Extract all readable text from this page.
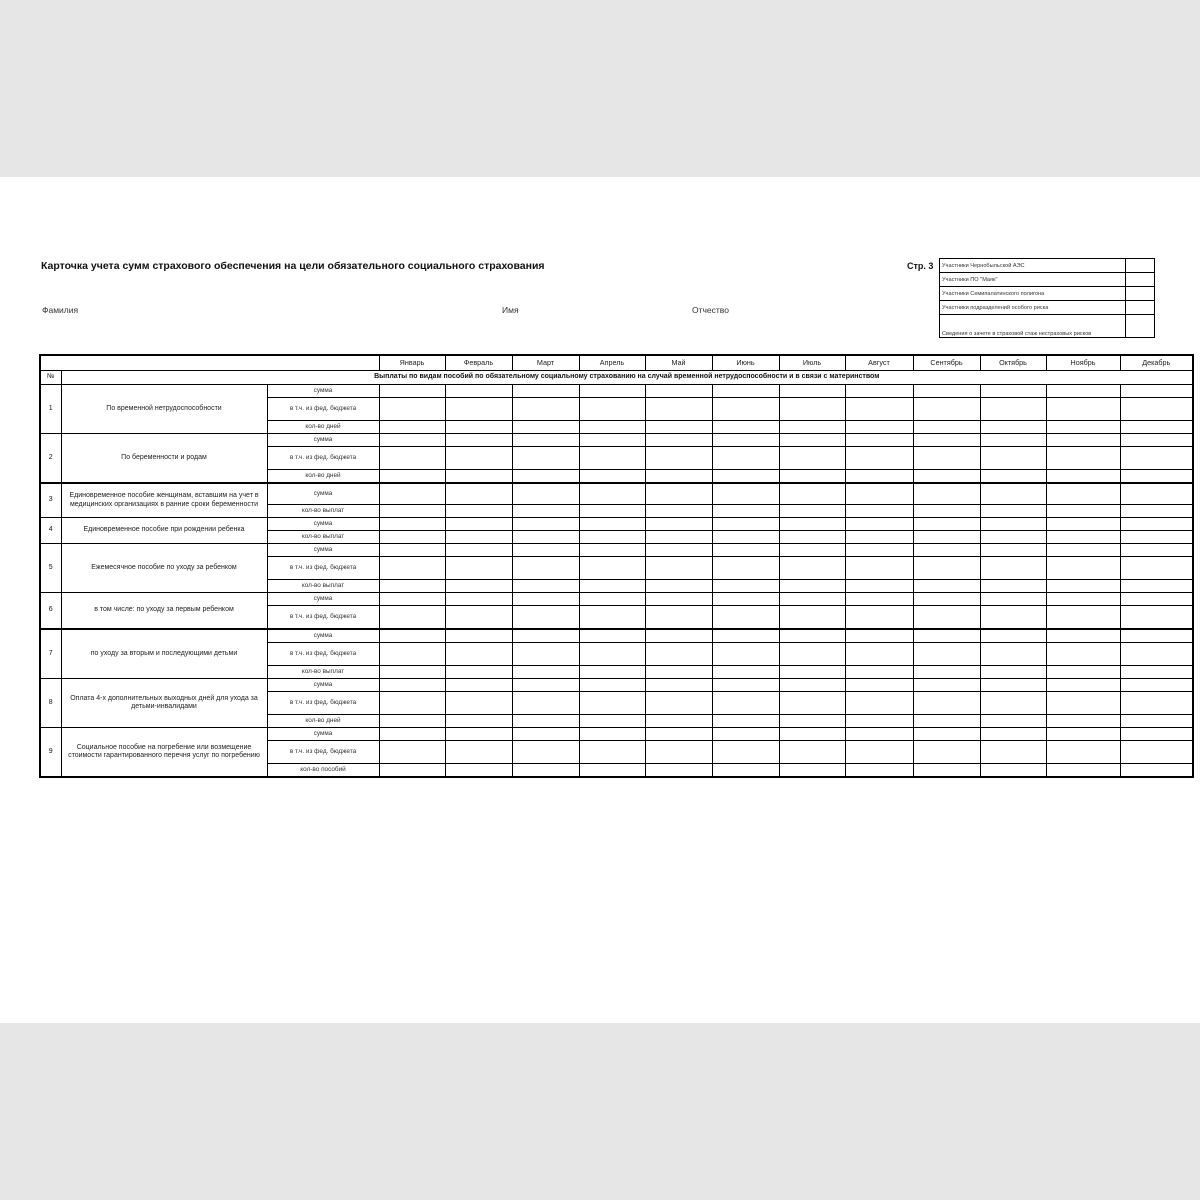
Карточка учета сумм страхового обеспечения на цели обязательного социального страхования	Стр. 3
Фамилия	Имя	Отчество
Участники Чернобыльской АЭС	
Участники ПО "Маяк"	
Участники Семипалатинского полигона	
Участники подразделений особого риска	
Сведения о зачете в страховой стаж нестраховых рисков	
			Январь	Февраль	Март	Апрель	Май	Июнь	Июль	Август	Сентябрь	Октябрь	Ноябрь	Декабрь
№	Выплаты по видам пособий по обязательному социальному страхованию на случай временной нетрудоспособности и в связи с материнством													
1	По временной нетрудоспособности	сумма												
		в т.ч. из фед. бюджета												
		кол-во дней												
2	По беременности и родам	сумма												
		в т.ч. из фед. бюджета												
		кол-во дней												
3	Единовременное пособие женщинам, вставшим на учет в медицинских организациях в ранние сроки беременности	сумма												
		кол-во выплат												
4	Единовременное пособие при рождении ребенка	сумма												
		кол-во выплат												
5	Ежемесячное пособие по уходу за ребенком	сумма												
		в т.ч. из фед. бюджета												
		кол-во выплат												
6	в том числе: по уходу за первым ребенком	сумма												
		в т.ч. из фед. бюджета												
7	по уходу за вторым и последующими детьми	сумма												
		в т.ч. из фед. бюджета												
		кол-во выплат												
8	Оплата 4-х дополнительных выходных дней для ухода за детьми-инвалидами	сумма												
		в т.ч. из фед. бюджета												
		кол-во дней												
9	Социальное пособие на погребение или возмещение стоимости гарантированного перечня услуг по погребению	сумма												
		в т.ч. из фед. бюджета												
		кол-во пособий												
